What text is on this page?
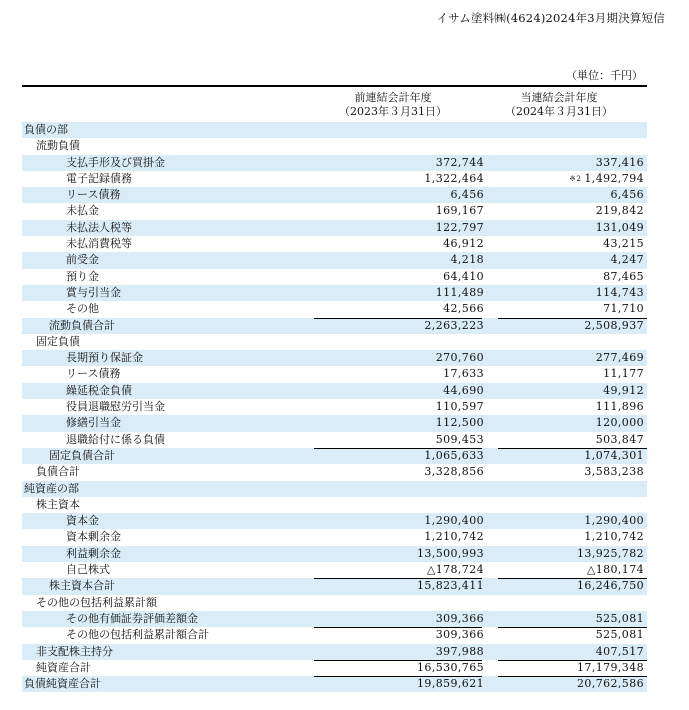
イサム塗料㈱(4624)2024年3月期決算短信
（単位：千円）
前連結会計年度
（2023年３月31日）
当連結会計年度
（2024年３月31日）
負債の部
流動負債
支払手形及び買掛金	372,744	337,416
電子記録債務	1,322,464	※2 1,492,794
リース債務	6,456	6,456
未払金	169,167	219,842
未払法人税等	122,797	131,049
未払消費税等	46,912	43,215
前受金	4,218	4,247
預り金	64,410	87,465
賞与引当金	111,489	114,743
その他	42,566	71,710
流動負債合計	2,263,223	2,508,937
固定負債
長期預り保証金	270,760	277,469
リース債務	17,633	11,177
繰延税金負債	44,690	49,912
役員退職慰労引当金	110,597	111,896
修繕引当金	112,500	120,000
退職給付に係る負債	509,453	503,847
固定負債合計	1,065,633	1,074,301
負債合計	3,328,856	3,583,238
純資産の部
株主資本
資本金	1,290,400	1,290,400
資本剰余金	1,210,742	1,210,742
利益剰余金	13,500,993	13,925,782
自己株式	△178,724	△180,174
株主資本合計	15,823,411	16,246,750
その他の包括利益累計額
その他有価証券評価差額金	309,366	525,081
その他の包括利益累計額合計	309,366	525,081
非支配株主持分	397,988	407,517
純資産合計	16,530,765	17,179,348
負債純資産合計	19,859,621	20,762,586
